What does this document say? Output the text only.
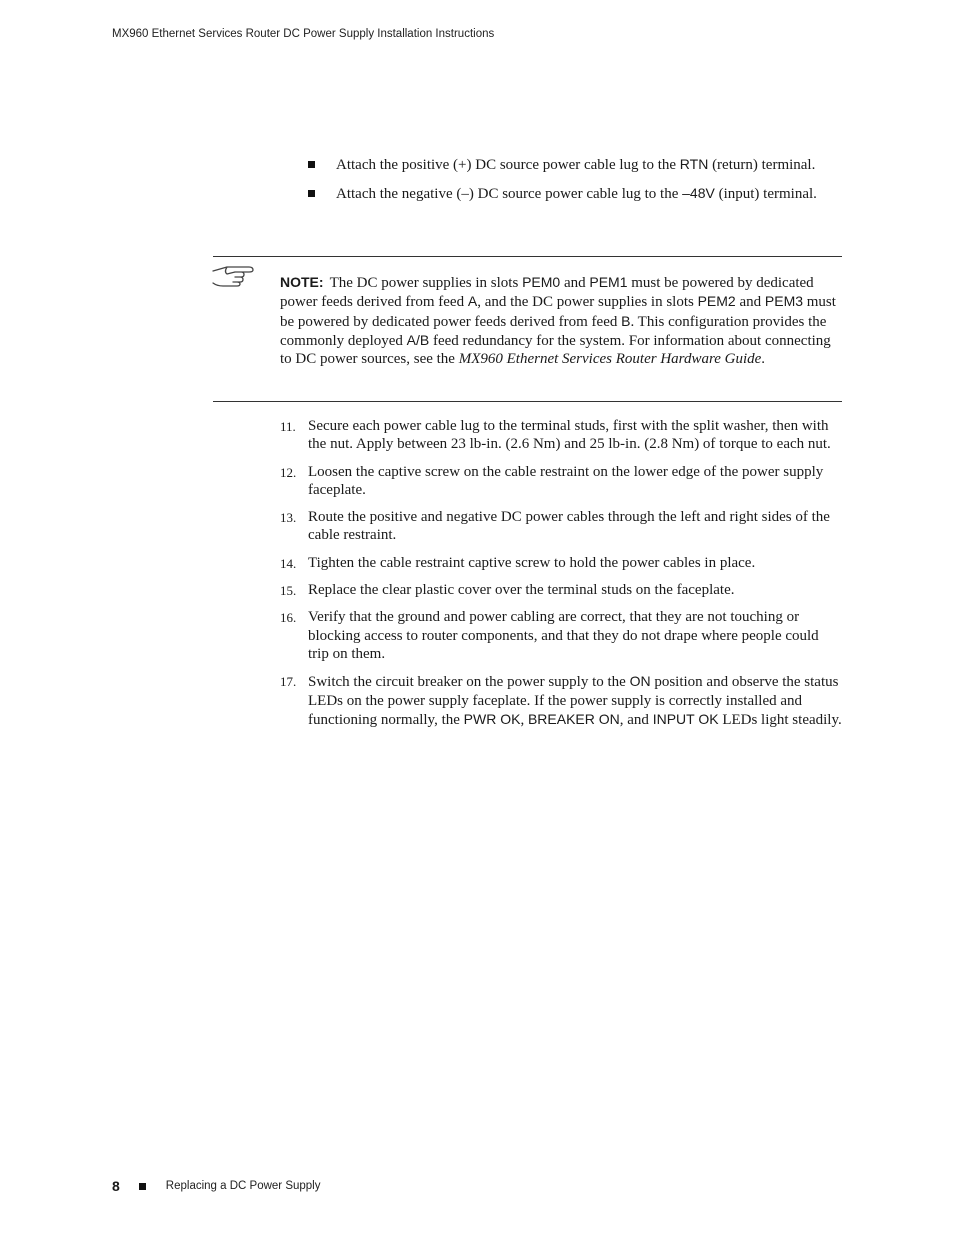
MX960 Ethernet Services Router DC Power Supply Installation Instructions
Attach the positive (+) DC source power cable lug to the RTN (return) terminal.
Attach the negative (–) DC source power cable lug to the –48V (input) terminal.
NOTE: The DC power supplies in slots PEM0 and PEM1 must be powered by dedicated power feeds derived from feed A, and the DC power supplies in slots PEM2 and PEM3 must be powered by dedicated power feeds derived from feed B. This configuration provides the commonly deployed A/B feed redundancy for the system. For information about connecting to DC power sources, see the MX960 Ethernet Services Router Hardware Guide.
11. Secure each power cable lug to the terminal studs, first with the split washer, then with the nut. Apply between 23 lb-in. (2.6 Nm) and 25 lb-in. (2.8 Nm) of torque to each nut.
12. Loosen the captive screw on the cable restraint on the lower edge of the power supply faceplate.
13. Route the positive and negative DC power cables through the left and right sides of the cable restraint.
14. Tighten the cable restraint captive screw to hold the power cables in place.
15. Replace the clear plastic cover over the terminal studs on the faceplate.
16. Verify that the ground and power cabling are correct, that they are not touching or blocking access to router components, and that they do not drape where people could trip on them.
17. Switch the circuit breaker on the power supply to the ON position and observe the status LEDs on the power supply faceplate. If the power supply is correctly installed and functioning normally, the PWR OK, BREAKER ON, and INPUT OK LEDs light steadily.
8	Replacing a DC Power Supply
